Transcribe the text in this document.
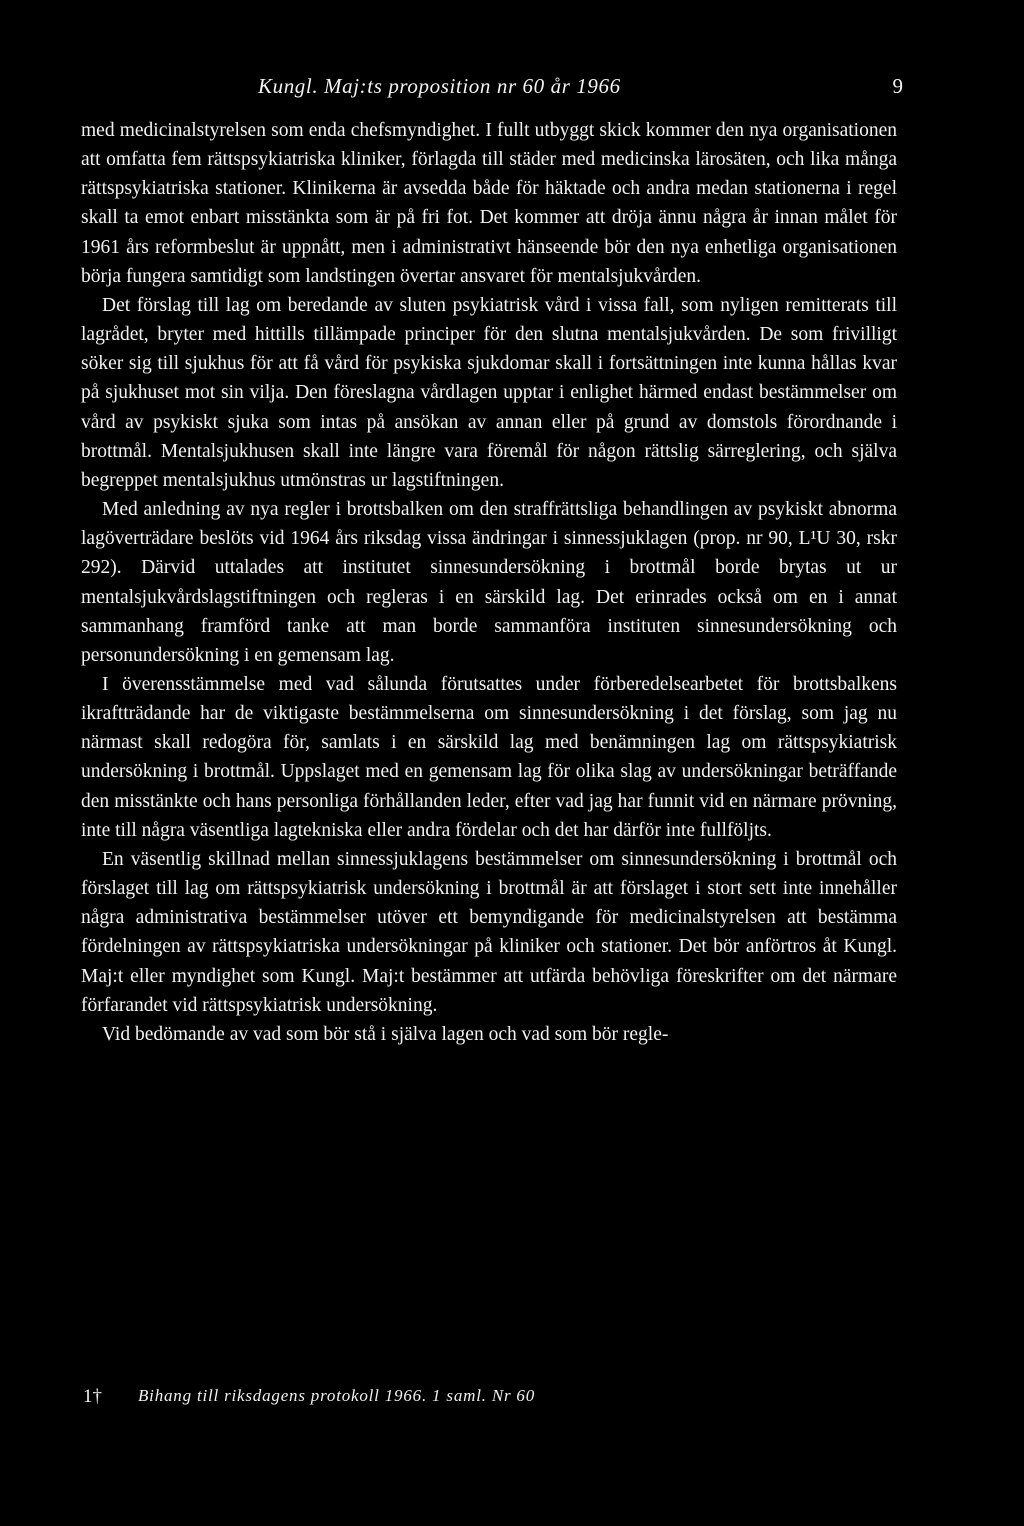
Kungl. Maj:ts proposition nr 60 år 1966	9

med medicinalstyrelsen som enda chefsmyndighet. I fullt utbyggt skick kommer den nya organisationen att omfatta fem rättspsykiatriska kliniker, förlagda till städer med medicinska lärosäten, och lika många rättspsykiatriska stationer. Klinikerna är avsedda både för häktade och andra medan stationerna i regel skall ta emot enbart misstänkta som är på fri fot. Det kommer att dröja ännu några år innan målet för 1961 års reformbeslut är uppnått, men i administrativt hänseende bör den nya enhetliga organisationen börja fungera samtidigt som landstingen övertar ansvaret för mentalsjukvården.

Det förslag till lag om beredande av sluten psykiatrisk vård i vissa fall, som nyligen remitterats till lagrådet, bryter med hittills tillämpade principer för den slutna mentalsjukvården. De som frivilligt söker sig till sjukhus för att få vård för psykiska sjukdomar skall i fortsättningen inte kunna hållas kvar på sjukhuset mot sin vilja. Den föreslagna vårdlagen upptar i enlighet härmed endast bestämmelser om vård av psykiskt sjuka som intas på ansökan av annan eller på grund av domstols förordnande i brottmål. Mentalsjukhusen skall inte längre vara föremål för någon rättslig särreglering, och själva begreppet mentalsjukhus utmönstras ur lagstiftningen.

Med anledning av nya regler i brottsbalken om den straffrättsliga behandlingen av psykiskt abnorma lagöverträdare beslöts vid 1964 års riksdag vissa ändringar i sinnessjuklagen (prop. nr 90, L¹U 30, rskr 292). Därvid uttalades att institutet sinnesundersökning i brottmål borde brytas ut ur mentalsjukvårdslagstiftningen och regleras i en särskild lag. Det erinrades också om en i annat sammanhang framförd tanke att man borde sammanföra instituten sinnesundersökning och personundersökning i en gemensam lag.

I överensstämmelse med vad sålunda förutsattes under förberedelsearbetet för brottsbalkens ikraftträdande har de viktigaste bestämmelserna om sinnesundersökning i det förslag, som jag nu närmast skall redogöra för, samlats i en särskild lag med benämningen lag om rättspsykiatrisk undersökning i brottmål. Uppslaget med en gemensam lag för olika slag av undersökningar beträffande den misstänkte och hans personliga förhållanden leder, efter vad jag har funnit vid en närmare prövning, inte till några väsentliga lagtekniska eller andra fördelar och det har därför inte fullföljts.

En väsentlig skillnad mellan sinnessjuklagens bestämmelser om sinnesundersökning i brottmål och förslaget till lag om rättspsykiatrisk undersökning i brottmål är att förslaget i stort sett inte innehåller några administrativa bestämmelser utöver ett bemyndigande för medicinalstyrelsen att bestämma fördelningen av rättspsykiatriska undersökningar på kliniker och stationer. Det bör anförtros åt Kungl. Maj:t eller myndighet som Kungl. Maj:t bestämmer att utfärda behövliga föreskrifter om det närmare förfarandet vid rättspsykiatrisk undersökning.

Vid bedömande av vad som bör stå i själva lagen och vad som bör regle-

1† Bihang till riksdagens protokoll 1966. 1 saml. Nr 60
